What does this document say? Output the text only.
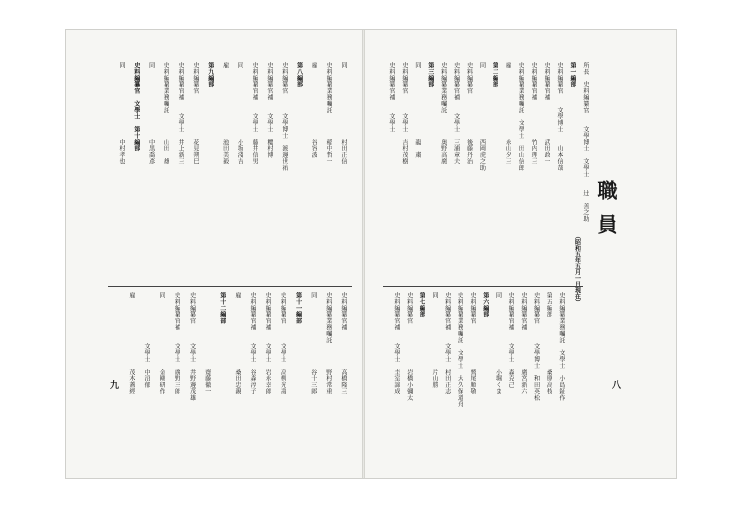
職員
（昭和五年五月一日現在）
九	八
所長　史料編纂官　　文學博士　文學士　　辻　善之助
第一編部
史料編纂官　　文學博士　　山本信哉
史料編纂官補　　　　　　武田政一
史料編纂官補　　　　　　竹内理三
史料編纂業務囑託　文學士　田山信郎
雇　　　　　　　　　　　永山夕三
第二編部
同　　　　　　　　　　　西岡虎之助
史料編纂官　　　　　　　後藤丹治
史料編纂官補　　文學士　三浦章夫
史料編纂業務囑託　　　　奥野高廣
第三編部
同　　　　　　　　　　　龍　粛
史料編纂官　　　文學士　吉村茂樹
史料編纂官補　　文學士
史料編纂業務囑託　文學士　小島鉦作
第五編部　　　　　　　　桑原高枝
史料編纂官　　　文學博士　和田英松
史料編纂官補　　　　　　廣宮新六
史料編纂官補　　文學士　森克己
同　　　　　　　　　　　小堀くま
第六編部
史料編纂官　　　　　　　鷲尾順敬
史料編纂業務囑託　文學士　大久保道舟
史料編纂官補　　文學士　村田正志
同　　　　　　　　　　　片山勝
第七編部
史料編纂官　　　　　　　岩橋小彌太
史料編纂官補　　文學士　圭室諦成
同　　　　　　　　　　　村田正信
史料編纂業務囑託　　　　稲中哲一
雇　　　　　　　　　　　谷容波
第八編部
史料編纂官　　　文學博士　渡邊世祐
史料編纂官補　　文學士　櫻村博
史料編纂官補　　文學士　藤井信男
同　　　　　　　　　　　小坂淺吉
雇　　　　　　　　　　　池田美毅
第九編部
史料編纂官　　　　　　　花見朔巳
史料編纂官補　　文學士　井上新三
史料編纂業務囑託　　　　山田　雄
同　　　　　　　　　　　中黒喬彥
史料編纂官　文學士　第十編部
同　　　　　　　　　　　中村孝也
史料編纂官補　　　　　　高橋隆三
史料編纂業務囑託　　　　野村常重
同　　　　　　　　　　　谷十三郎
第十一編部
史料編纂官　　　文學士　高柳光壽
史料編纂官補　　文學士　岩永幸郎
史料編纂官補　　文學士　谷森淳子
雇　　　　　　　　　　　桑田忠親
第十二編部
　　　　　　　　　　　　齋藤徹一
史料編纂官　　　文學士　井野邊茂雄
史料編纂官補　　文學士　廣野三郎
同　　　　　　　　　　　金剛研作
　　　　　　　　文學士　中沼郁
雇　　　　　　　　　　　茂木蓋經
